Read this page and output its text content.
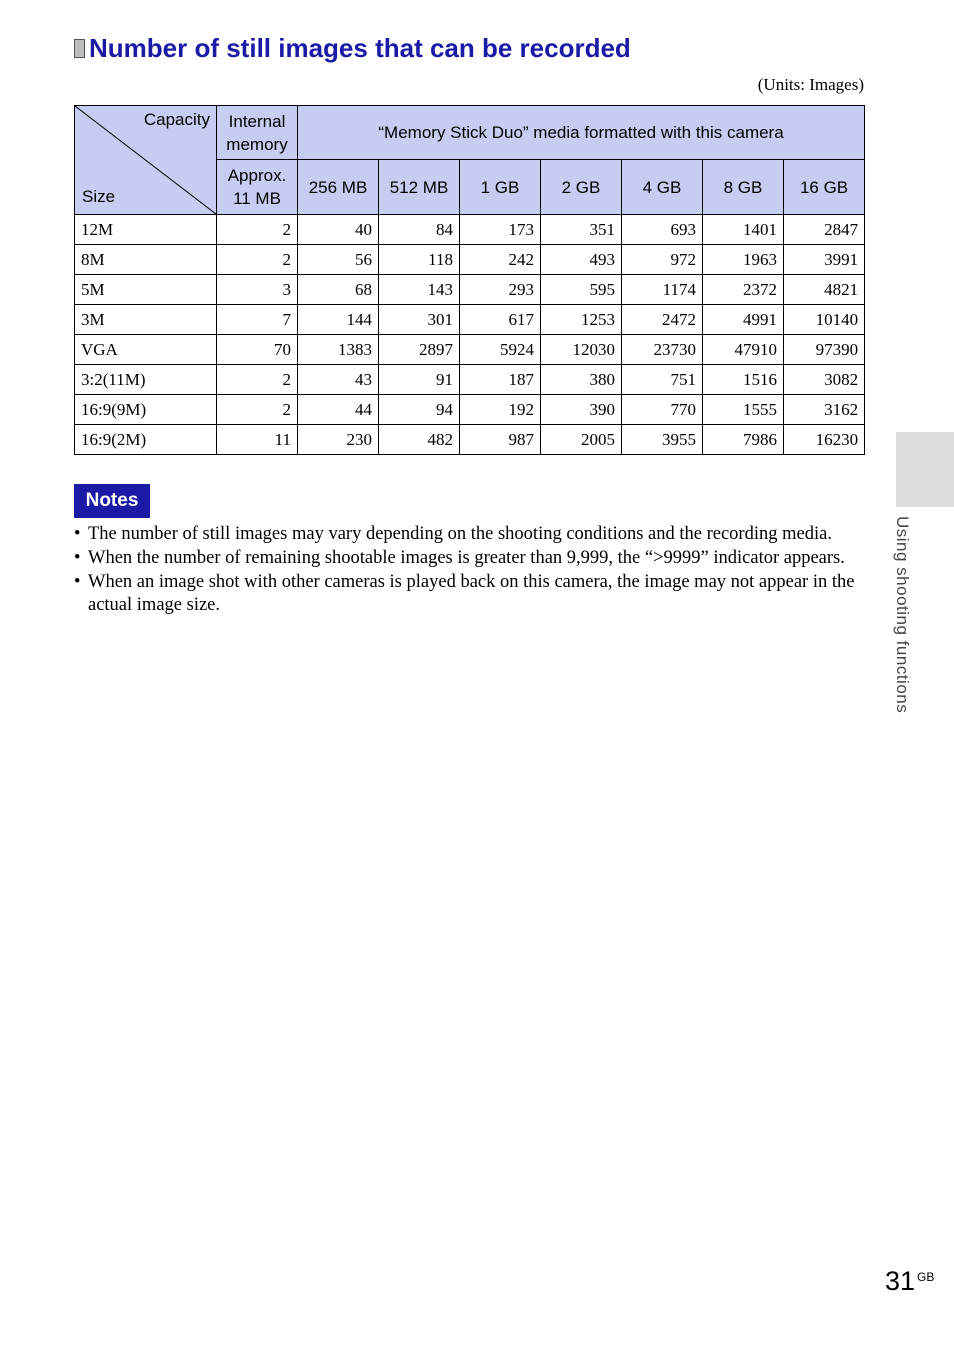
Number of still images that can be recorded
(Units: Images)
Capacity
Size	Internal memory	“Memory Stick Duo” media formatted with this camera						
	Approx. 11 MB	256 MB	512 MB	1 GB	2 GB	4 GB	8 GB	16 GB
12M	2	40	84	173	351	693	1401	2847
8M	2	56	118	242	493	972	1963	3991
5M	3	68	143	293	595	1174	2372	4821
3M	7	144	301	617	1253	2472	4991	10140
VGA	70	1383	2897	5924	12030	23730	47910	97390
3:2(11M)	2	43	91	187	380	751	1516	3082
16:9(9M)	2	44	94	192	390	770	1555	3162
16:9(2M)	11	230	482	987	2005	3955	7986	16230
Notes
• The number of still images may vary depending on the shooting conditions and the recording media.
• When the number of remaining shootable images is greater than 9,999, the “>9999” indicator appears.
• When an image shot with other cameras is played back on this camera, the image may not appear in the actual image size.	Using shooting functions
31 $^{GB}$
